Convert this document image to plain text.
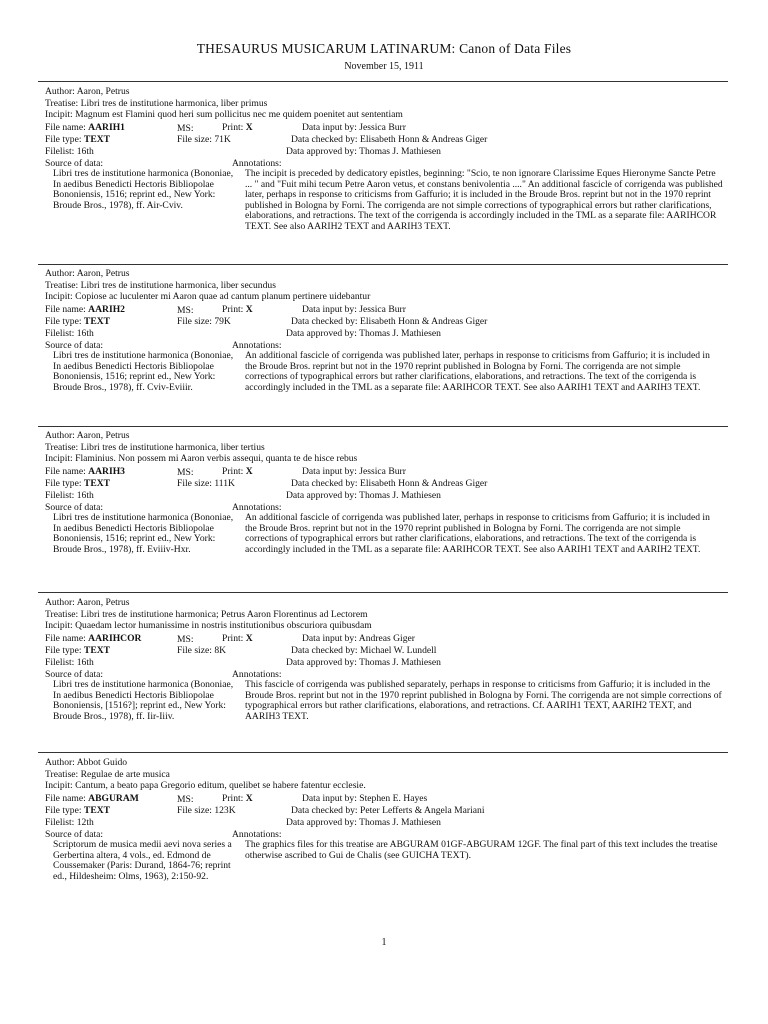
THESAURUS MUSICARUM LATINARUM: Canon of Data Files
November 15, 1911
Author: Aaron, Petrus
Treatise: Libri tres de institutione harmonica, liber primus
Incipit: Magnum est Flamini quod heri sum pollicitus nec me quidem poenitet aut sententiam
File name: AARIH1	MS:	Print: X	Data input by: Jessica Burr
File type: TEXT	File size: 71K	Data checked by: Elisabeth Honn & Andreas Giger
Filelist: 16th	Data approved by: Thomas J. Mathiesen
Source of data:	Annotations:
Libri tres de institutione harmonica (Bononiae, In aedibus Benedicti Hectoris Bibliopolae Bononiensis, 1516; reprint ed., New York: Broude Bros., 1978), ff. Air-Cviv.
The incipit is preceded by dedicatory epistles, beginning: "Scio, te non ignorare Clarissime Eques Hieronyme Sancte Petre ... " and "Fuit mihi tecum Petre Aaron vetus, et constans benivolentia ...." An additional fascicle of corrigenda was published later, perhaps in response to criticisms from Gaffurio; it is included in the Broude Bros. reprint but not in the 1970 reprint published in Bologna by Forni. The corrigenda are not simple corrections of typographical errors but rather clarifications, elaborations, and retractions. The text of the corrigenda is accordingly included in the TML as a separate file: AARIHCOR TEXT. See also AARIH2 TEXT and AARIH3 TEXT.
Author: Aaron, Petrus
Treatise: Libri tres de institutione harmonica, liber secundus
Incipit: Copiose ac luculenter mi Aaron quae ad cantum planum pertinere uidebantur
File name: AARIH2	MS:	Print: X	Data input by: Jessica Burr
File type: TEXT	File size: 79K	Data checked by: Elisabeth Honn & Andreas Giger
Filelist: 16th	Data approved by: Thomas J. Mathiesen
Source of data:	Annotations:
Libri tres de institutione harmonica (Bononiae, In aedibus Benedicti Hectoris Bibliopolae Bononiensis, 1516; reprint ed., New York: Broude Bros., 1978), ff. Cviv-Eviiir.
An additional fascicle of corrigenda was published later, perhaps in response to criticisms from Gaffurio; it is included in the Broude Bros. reprint but not in the 1970 reprint published in Bologna by Forni. The corrigenda are not simple corrections of typographical errors but rather clarifications, elaborations, and retractions. The text of the corrigenda is accordingly included in the TML as a separate file: AARIHCOR TEXT. See also AARIH1 TEXT and AARIH3 TEXT.
Author: Aaron, Petrus
Treatise: Libri tres de institutione harmonica, liber tertius
Incipit: Flaminius. Non possem mi Aaron verbis assequi, quanta te de hisce rebus
File name: AARIH3	MS:	Print: X	Data input by: Jessica Burr
File type: TEXT	File size: 111K	Data checked by: Elisabeth Honn & Andreas Giger
Filelist: 16th	Data approved by: Thomas J. Mathiesen
Source of data:	Annotations:
Libri tres de institutione harmonica (Bononiae, In aedibus Benedicti Hectoris Bibliopolae Bononiensis, 1516; reprint ed., New York: Broude Bros., 1978), ff. Eviiiv-Hxr.
An additional fascicle of corrigenda was published later, perhaps in response to criticisms from Gaffurio; it is included in the Broude Bros. reprint but not in the 1970 reprint published in Bologna by Forni. The corrigenda are not simple corrections of typographical errors but rather clarifications, elaborations, and retractions. The text of the corrigenda is accordingly included in the TML as a separate file: AARIHCOR TEXT. See also AARIH1 TEXT and AARIH2 TEXT.
Author: Aaron, Petrus
Treatise: Libri tres de institutione harmonica; Petrus Aaron Florentinus ad Lectorem
Incipit: Quaedam lector humanissime in nostris institutionibus obscuriora quibusdam
File name: AARIHCOR	MS:	Print: X	Data input by: Andreas Giger
File type: TEXT	File size: 8K	Data checked by: Michael W. Lundell
Filelist: 16th	Data approved by: Thomas J. Mathiesen
Source of data:	Annotations:
Libri tres de institutione harmonica (Bononiae, In aedibus Benedicti Hectoris Bibliopolae Bononiensis, [1516?]; reprint ed., New York: Broude Bros., 1978), ff. Iir-Iiiv.
This fascicle of corrigenda was published separately, perhaps in response to criticisms from Gaffurio; it is included in the Broude Bros. reprint but not in the 1970 reprint published in Bologna by Forni. The corrigenda are not simple corrections of typographical errors but rather clarifications, elaborations, and retractions. Cf. AARIH1 TEXT, AARIH2 TEXT, and AARIH3 TEXT.
Author: Abbot Guido
Treatise: Regulae de arte musica
Incipit: Cantum, a beato papa Gregorio editum, quelibet se habere fatentur ecclesie.
File name: ABGURAM	MS:	Print: X	Data input by: Stephen E. Hayes
File type: TEXT	File size: 123K	Data checked by: Peter Lefferts & Angela Mariani
Filelist: 12th	Data approved by: Thomas J. Mathiesen
Source of data:	Annotations:
Scriptorum de musica medii aevi nova series a Gerbertina altera, 4 vols., ed. Edmond de Coussemaker (Paris: Durand, 1864-76; reprint ed., Hildesheim: Olms, 1963), 2:150-92.
The graphics files for this treatise are ABGURAM 01GF-ABGURAM 12GF. The final part of this text includes the treatise otherwise ascribed to Gui de Chalis (see GUICHA TEXT).
1
